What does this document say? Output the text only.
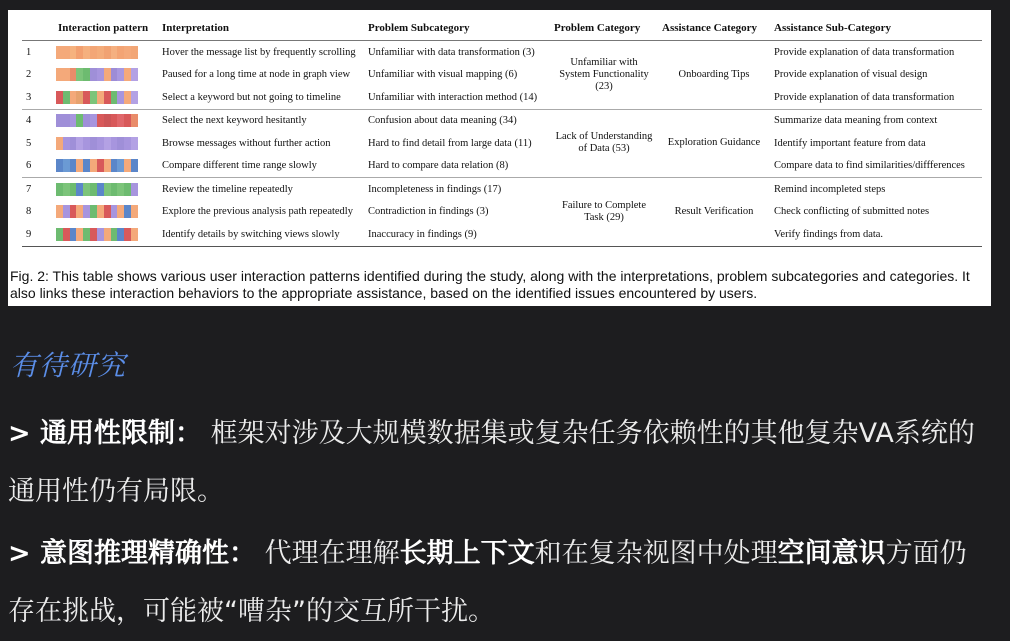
Interaction pattern		Interpretation	Problem Subcategory	Problem Category	Assistance Category	Assistance Sub-Category
1		Hover the message list by frequently scrolling	Unfamiliar with data transformation (3)	Unfamiliar with System Functionality (23)	Onboarding Tips	Provide explanation of data transformation
2		Paused for a long time at node in graph view	Unfamiliar with visual mapping (6)			Provide explanation of visual design
3		Select a keyword but not going to timeline	Unfamiliar with interaction method (14)			Provide explanation of data transformation
4		Select the next keyword hesitantly	Confusion about data meaning (34)	Lack of Understanding of Data (53)	Exploration Guidance	Summarize data meaning from context
5		Browse messages without further action	Hard to find detail from large data (11)			Identify important feature from data
6		Compare different time range slowly	Hard to compare data relation (8)			Compare data to find similarities/diffferences
7		Review the timeline repeatedly	Incompleteness in findings (17)	Failure to Complete Task (29)	Result Verification	Remind incompleted steps
8		Explore the previous analysis path repeatedly	Contradiction in findings (3)			Check conflicting of submitted notes
9		Identify details by switching views slowly	Inaccuracy in findings (9)			Verify findings from data.
Fig. 2: This table shows various user interaction patterns identified during the study, along with the interpretations, problem subcategories and categories. It also links these interaction behaviors to the appropriate assistance, based on the identified issues encountered by users.
有待研究
> 通用性限制： 框架对涉及大规模数据集或复杂任务依赖性的其他复杂VA系统的通用性仍有局限。
> 意图推理精确性： 代理在理解长期上下文和在复杂视图中处理空间意识方面仍存在挑战，可能被“嘈杂”的交互所干扰。
